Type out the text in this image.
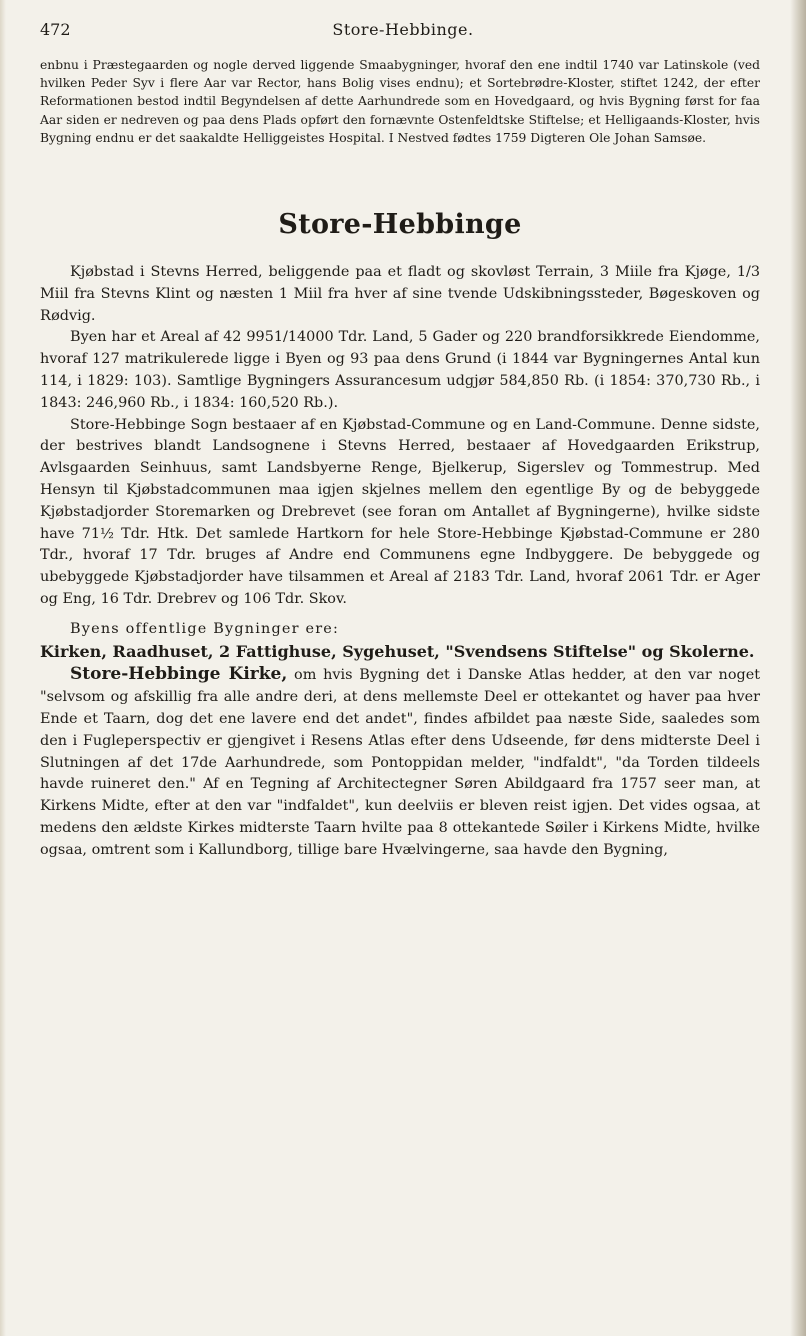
472	Store-Hebbinge.

enbnu i Præstegaarden og nogle derved liggende Smaabygninger, hvoraf den ene indtil 1740 var Latinskole (ved hvilken Peder Syv i flere Aar var Rector, hans Bolig vises endnu); et Sortebrødre-Kloster, stiftet 1242, der efter Reformationen bestod indtil Begyndelsen af dette Aarhundrede som en Hovedgaard, og hvis Bygning først for faa Aar siden er nedreven og paa dens Plads opført den fornævnte Ostenfeldtske Stiftelse; et Helligaands-Kloster, hvis Bygning endnu er det saakaldte Helliggeistes Hospital. I Nestved fødtes 1759 Digteren Ole Johan Samsøe.

Store-Hebbinge

Kjøbstad i Stevns Herred, beliggende paa et fladt og skovløst Terrain, 3 Miile fra Kjøge, 1/3 Miil fra Stevns Klint og næsten 1 Miil fra hver af sine tvende Udskibningssteder, Bøgeskoven og Rødvig.

Byen har et Areal af 42 9951/14000 Tdr. Land, 5 Gader og 220 brandforsikkrede Eiendomme, hvoraf 127 matrikulerede ligge i Byen og 93 paa dens Grund (i 1844 var Bygningernes Antal kun 114, i 1829: 103). Samtlige Bygningers Assurancesum udgjør 584,850 Rb. (i 1854: 370,730 Rb., i 1843: 246,960 Rb., i 1834: 160,520 Rb.).

Store-Hebbinge Sogn bestaaer af en Kjøbstad-Commune og en Land-Commune. Denne sidste, der bestrives blandt Landsognene i Stevns Herred, bestaaer af Hovedgaarden Erikstrup, Avlsgaarden Seinhuus, samt Landsbyerne Renge, Bjelkerup, Sigerslev og Tommestrup. Med Hensyn til Kjøbstadcommunen maa igjen skjelnes mellem den egentlige By og de bebyggede Kjøbstadjorder Storemarken og Drebrevet (see foran om Antallet af Bygningerne), hvilke sidste have 71½ Tdr. Htk. Det samlede Hartkorn for hele Store-Hebbinge Kjøbstad-Commune er 280 Tdr., hvoraf 17 Tdr. bruges af Andre end Communens egne Indbyggere. De bebyggede og ubebyggede Kjøbstadjorder have tilsammen et Areal af 2183 Tdr. Land, hvoraf 2061 Tdr. er Ager og Eng, 16 Tdr. Drebrev og 106 Tdr. Skov.

Byens offentlige Bygninger ere:

Kirken, Raadhuset, 2 Fattighuse, Sygehuset, "Svendsens Stiftelse" og Skolerne.

Store-Hebbinge Kirke, om hvis Bygning det i Danske Atlas hedder, at den var noget "selvsom og afskillig fra alle andre deri, at dens mellemste Deel er ottekantet og haver paa hver Ende et Taarn, dog det ene lavere end det andet", findes afbildet paa næste Side, saaledes som den i Fugleperspectiv er gjengivet i Resens Atlas efter dens Udseende, før dens midterste Deel i Slutningen af det 17de Aarhundrede, som Pontoppidan melder, "indfaldt", "da Torden tildeels havde ruineret den." Af en Tegning af Architectegner Søren Abildgaard fra 1757 seer man, at Kirkens Midte, efter at den var "indfaldet", kun deelviis er bleven reist igjen. Det vides ogsaa, at medens den ældste Kirkes midterste Taarn hvilte paa 8 ottekantede Søiler i Kirkens Midte, hvilke ogsaa, omtrent som i Kallundborg, tillige bare Hvælvingerne, saa havde den Bygning,
